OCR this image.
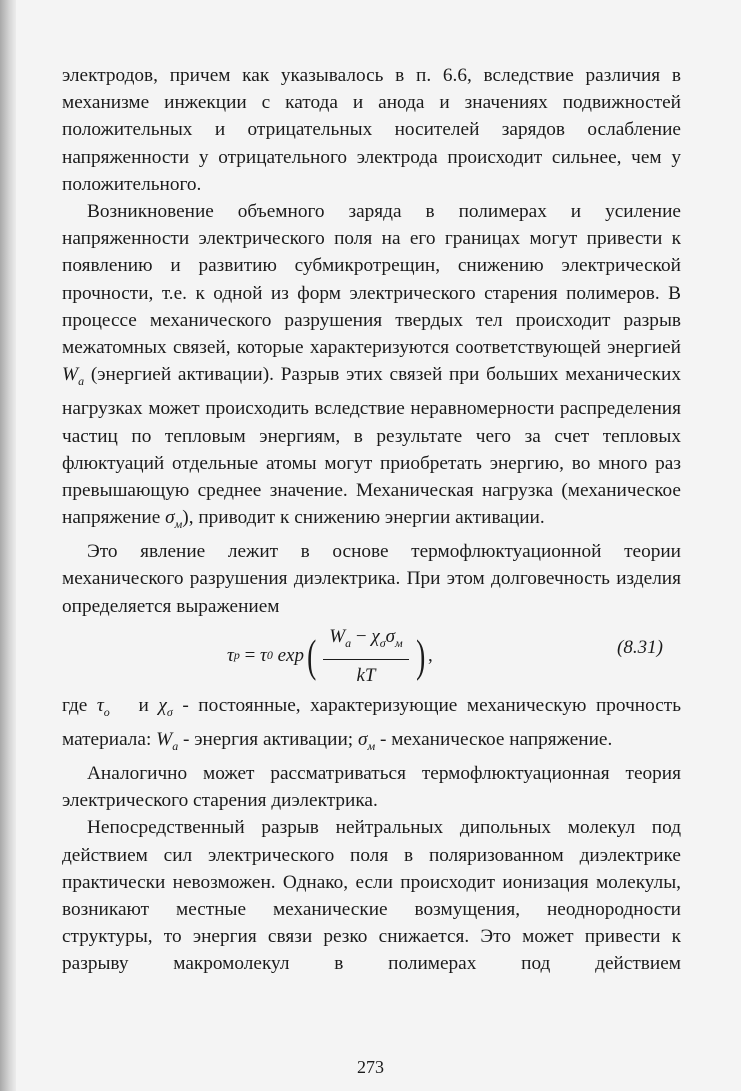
электродов, причем как указывалось в п. 6.6, вследствие различия в механизме инжекции с катода и анода и значениях подвижностей положительных и отрицательных носителей зарядов ослабление напряженности у отрицательного электрода происходит сильнее, чем у положительного.

Возникновение объемного заряда в полимерах и усиление напряженности электрического поля на его границах могут привести к появлению и развитию субмикротрещин, снижению электрической прочности, т.е. к одной из форм электрического старения полимеров. В процессе механического разрушения твердых тел происходит разрыв межатомных связей, которые характеризуются соответствующей энергией $W_a$ (энергией активации). Разрыв этих связей при больших механических нагрузках может происходить вследствие неравномерности распределения частиц по тепловым энергиям, в результате чего за счет тепловых флюктуаций отдельные атомы могут приобретать энергию, во много раз превышающую среднее значение. Механическая нагрузка (механическое напряжение $\sigma_м$), приводит к снижению энергии активации.

Это явление лежит в основе термофлюктуационной теории механического разрушения диэлектрика. При этом долговечность изделия определяется выражением

τ p = τ 0 exp ( $\frac{W_a - \chi_\sigma\sigma_м}{kT}$ ) ,	(8.31)

где $\tau_o$   и $\chi_\sigma$ - постоянные, характеризующие механическую прочность материала: $W_a$ - энергия активации; $\sigma_м$ - механическое напряжение.

Аналогично может рассматриваться термофлюктуационная теория электрического старения диэлектрика.

Непосредственный разрыв нейтральных дипольных молекул под действием сил электрического поля в поляризованном диэлектрике практически невозможен. Однако, если происходит ионизация молекулы, возникают местные механические возмущения, неоднородности структуры, то энергия связи резко снижается. Это может привести к разрыву макромолекул в полимерах под действием

273
